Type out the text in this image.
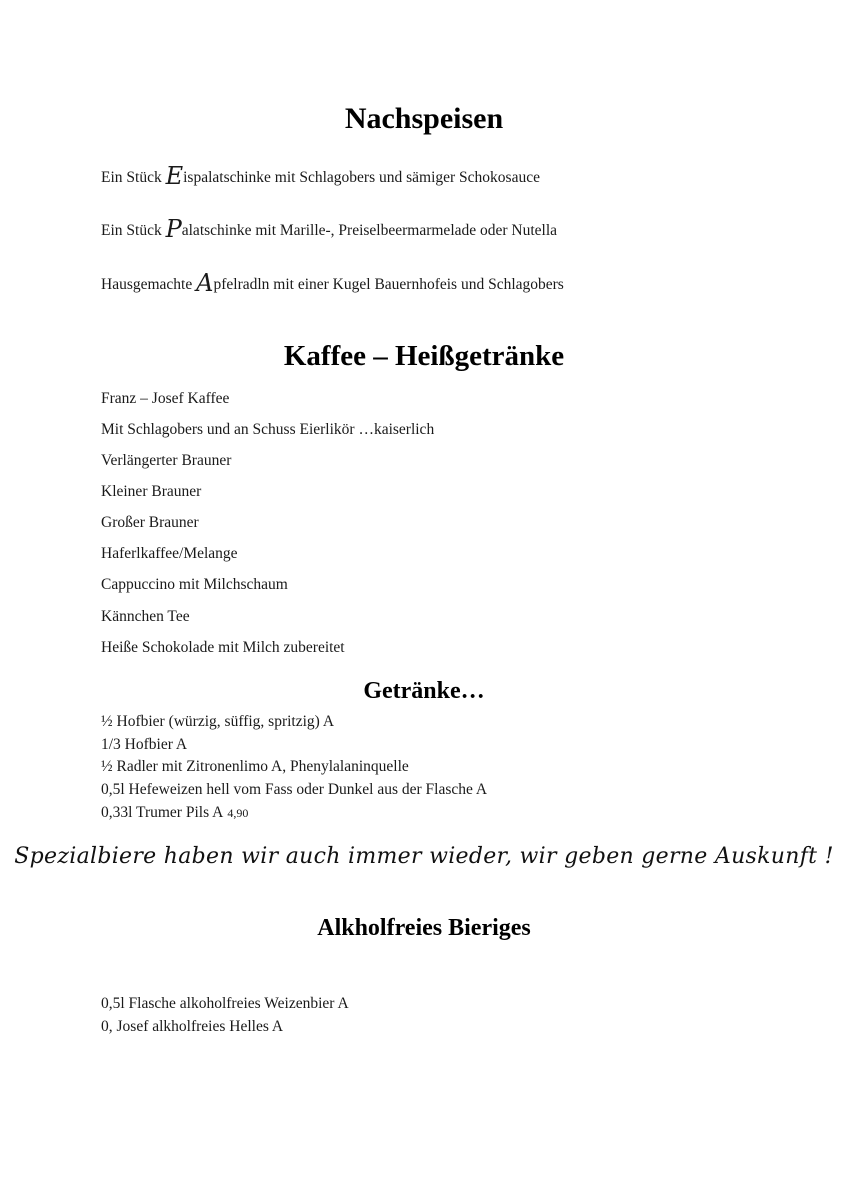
Nachspeisen
Ein Stück Eispalatschinke mit Schlagobers und sämiger Schokosauce
Ein Stück Palatschinke mit Marille-, Preiselbeermarmelade oder Nutella
Hausgemachte Apfelradln mit einer Kugel Bauernhofeis und Schlagobers
Kaffee – Heißgetränke
Franz – Josef Kaffee
Mit Schlagobers und an Schuss Eierlikör …kaiserlich
Verlängerter Brauner
Kleiner Brauner
Großer Brauner
Haferlkaffee/Melange
Cappuccino mit Milchschaum
Kännchen Tee
Heiße Schokolade mit Milch zubereitet
Getränke…
½ Hofbier (würzig, süffig, spritzig) A
1/3 Hofbier A
½ Radler mit Zitronenlimo A, Phenylalaninquelle
0,5l Hefeweizen hell vom Fass oder Dunkel aus der Flasche A
0,33l Trumer Pils A 4,90
Spezialbiere haben wir auch immer wieder, wir geben gerne Auskunft !
Alkholfreies Bieriges
0,5l Flasche alkoholfreies Weizenbier A
0, Josef alkholfreies Helles A
